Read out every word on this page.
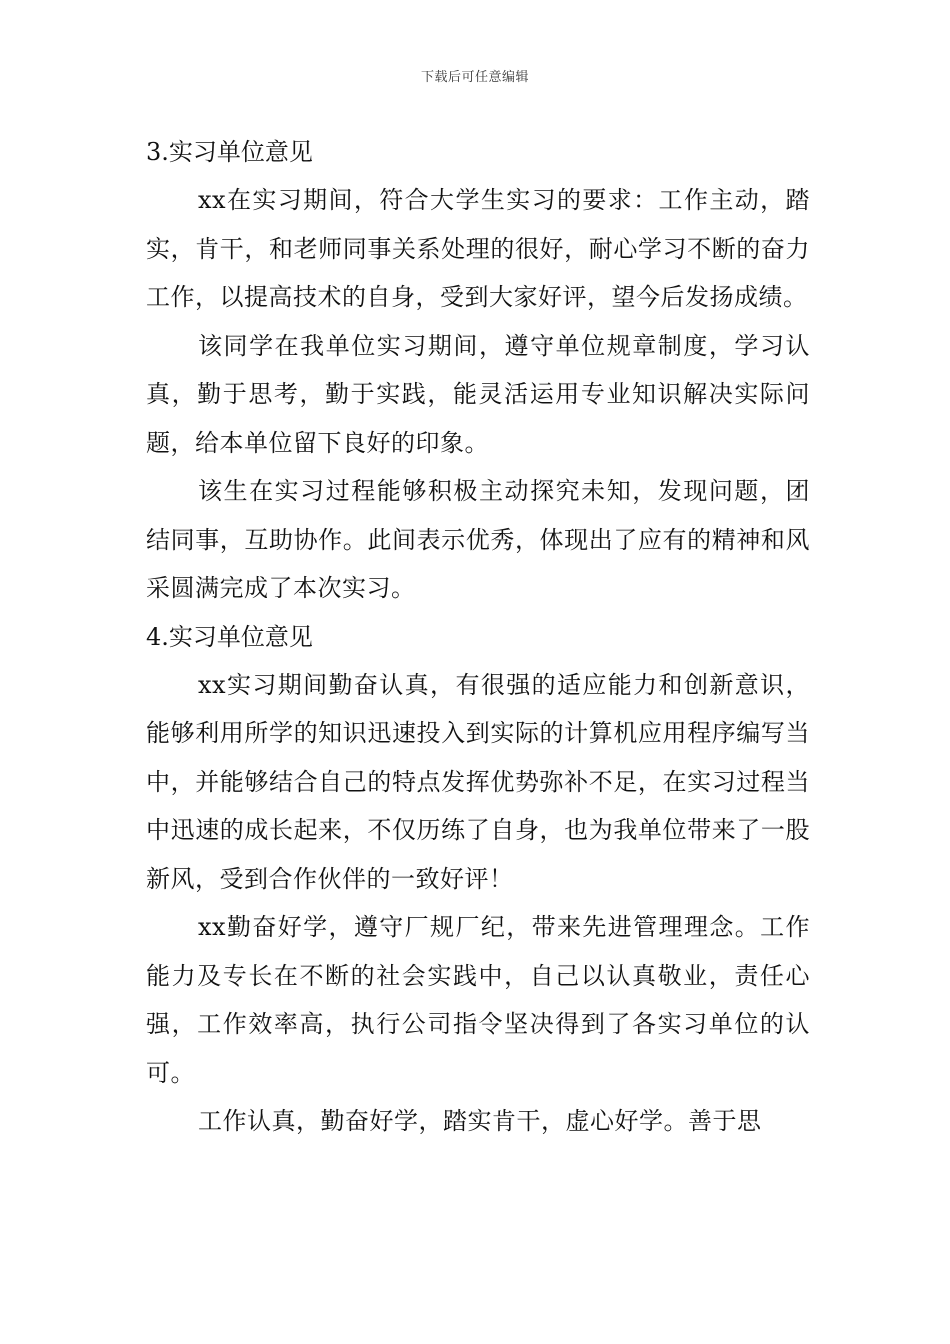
下载后可任意编辑
3.实习单位意见

xx在实习期间，符合大学生实习的要求：工作主动，踏实，肯干，和老师同事关系处理的很好，耐心学习不断的奋力工作，以提高技术的自身，受到大家好评，望今后发扬成绩。

该同学在我单位实习期间，遵守单位规章制度，学习认真，勤于思考，勤于实践，能灵活运用专业知识解决实际问题，给本单位留下良好的印象。

该生在实习过程能够积极主动探究未知，发现问题，团结同事，互助协作。此间表示优秀，体现出了应有的精神和风采圆满完成了本次实习。

4.实习单位意见

xx实习期间勤奋认真，有很强的适应能力和创新意识，能够利用所学的知识迅速投入到实际的计算机应用程序编写当中，并能够结合自己的特点发挥优势弥补不足，在实习过程当中迅速的成长起来，不仅历练了自身，也为我单位带来了一股新风，受到合作伙伴的一致好评！

xx勤奋好学，遵守厂规厂纪，带来先进管理理念。工作能力及专长在不断的社会实践中，自己以认真敬业，责任心强，工作效率高，执行公司指令坚决得到了各实习单位的认可。

工作认真，勤奋好学，踏实肯干，虚心好学。善于思
